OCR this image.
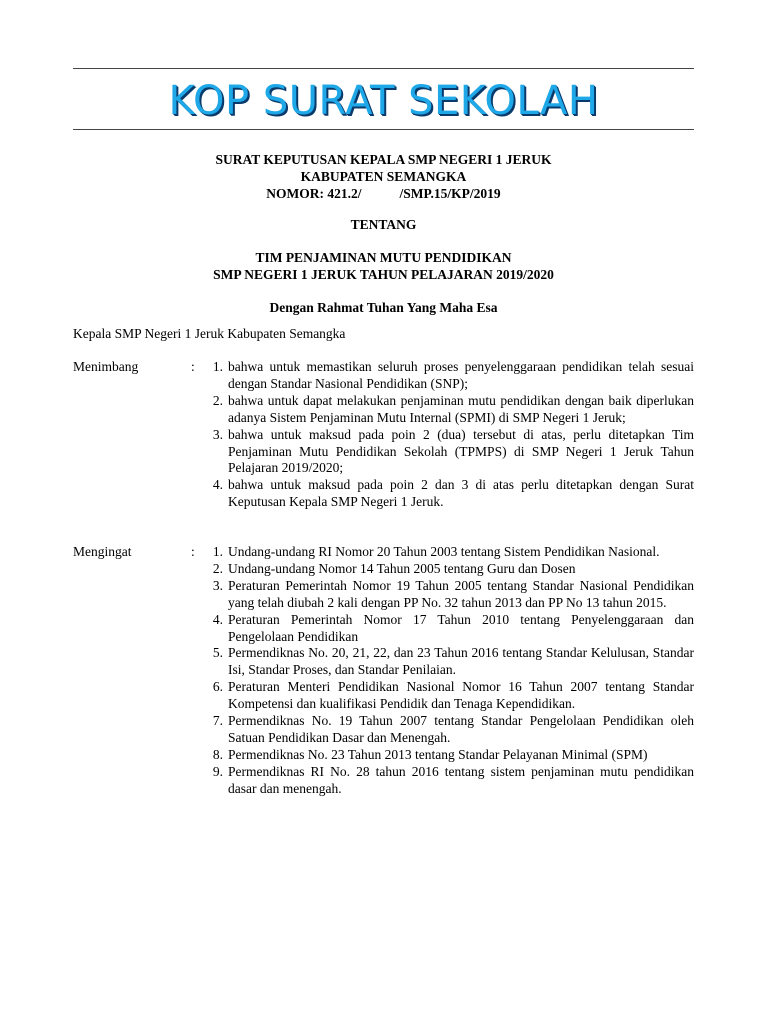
KOP SURAT SEKOLAH
SURAT KEPUTUSAN KEPALA SMP NEGERI 1 JERUK
KABUPATEN SEMANGKA
NOMOR: 421.2/	/SMP.15/KP/2019
TENTANG
TIM PENJAMINAN MUTU PENDIDIKAN
SMP NEGERI 1 JERUK TAHUN PELAJARAN 2019/2020
Dengan Rahmat Tuhan Yang Maha Esa
Kepala SMP Negeri 1 Jeruk Kabupaten Semangka
Menimbang	:	1. bahwa untuk memastikan seluruh proses penyelenggaraan pendidikan telah sesuai dengan Standar Nasional Pendidikan (SNP);
2. bahwa untuk dapat melakukan penjaminan mutu pendidikan dengan baik diperlukan adanya Sistem Penjaminan Mutu Internal (SPMI) di SMP Negeri 1 Jeruk;
3. bahwa untuk maksud pada poin 2 (dua) tersebut di atas, perlu ditetapkan Tim Penjaminan Mutu Pendidikan Sekolah (TPMPS) di SMP Negeri 1 Jeruk Tahun Pelajaran 2019/2020;
4. bahwa untuk maksud pada poin 2 dan 3 di atas perlu ditetapkan dengan Surat Keputusan Kepala SMP Negeri 1 Jeruk.
Mengingat	:	1. Undang-undang RI Nomor 20 Tahun 2003 tentang Sistem Pendidikan Nasional.
2. Undang-undang Nomor 14 Tahun 2005 tentang Guru dan Dosen
3. Peraturan Pemerintah Nomor 19 Tahun 2005 tentang Standar Nasional Pendidikan yang telah diubah 2 kali dengan PP No. 32 tahun 2013 dan PP No 13 tahun 2015.
4. Peraturan Pemerintah Nomor 17 Tahun 2010 tentang Penyelenggaraan dan Pengelolaan Pendidikan
5. Permendiknas No. 20, 21, 22, dan 23 Tahun 2016 tentang Standar Kelulusan, Standar Isi, Standar Proses, dan Standar Penilaian.
6. Peraturan Menteri Pendidikan Nasional Nomor 16 Tahun 2007 tentang Standar Kompetensi dan kualifikasi Pendidik dan Tenaga Kependidikan.
7. Permendiknas No. 19 Tahun 2007 tentang Standar Pengelolaan Pendidikan oleh Satuan Pendidikan Dasar dan Menengah.
8. Permendiknas No. 23 Tahun 2013 tentang Standar Pelayanan Minimal (SPM)
9. Permendiknas RI No. 28 tahun 2016 tentang sistem penjaminan mutu pendidikan dasar dan menengah.
